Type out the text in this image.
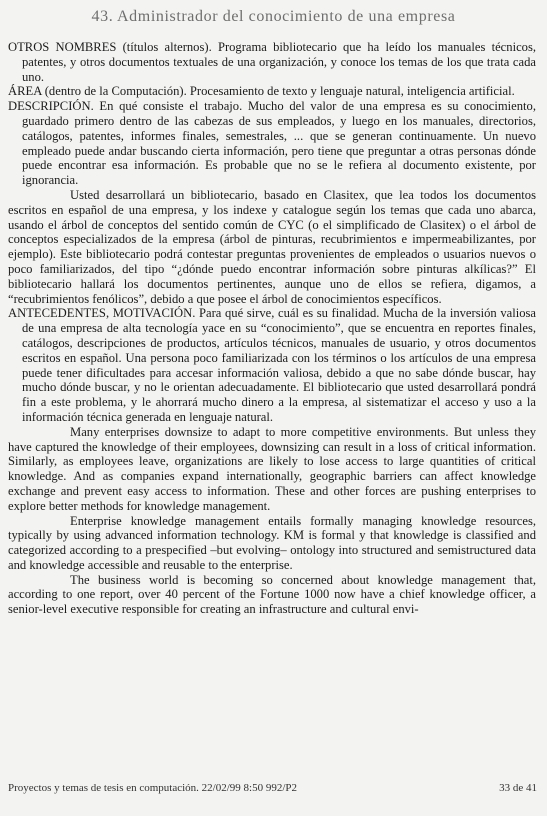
43. Administrador del conocimiento de una empresa

OTROS NOMBRES (títulos alternos). Programa bibliotecario que ha leído los manuales técnicos, patentes, y otros documentos textuales de una organización, y conoce los temas de los que trata cada uno.

ÁREA (dentro de la Computación). Procesamiento de texto y lenguaje natural, inteligencia artificial.

DESCRIPCIÓN. En qué consiste el trabajo. Mucho del valor de una empresa es su conocimiento, guardado primero dentro de las cabezas de sus empleados, y luego en los manuales, directorios, catálogos, patentes, informes finales, semestrales, ... que se generan continuamente. Un nuevo empleado puede andar buscando cierta información, pero tiene que preguntar a otras personas dónde puede encontrar esa información. Es probable que no se le refiera al documento existente, por ignorancia.

Usted desarrollará un bibliotecario, basado en Clasitex, que lea todos los documentos escritos en español de una empresa, y los indexe y catalogue según los temas que cada uno abarca, usando el árbol de conceptos del sentido común de CYC (o el simplificado de Clasitex) o el árbol de conceptos especializados de la empresa (árbol de pinturas, recubrimientos e impermeabilizantes, por ejemplo). Este bibliotecario podrá contestar preguntas provenientes de empleados o usuarios nuevos o poco familiarizados, del tipo “¿dónde puedo encontrar información sobre pinturas alkílicas?” El bibliotecario hallará los documentos pertinentes, aunque uno de ellos se refiera, digamos, a “recubrimientos fenólicos”, debido a que posee el árbol de conocimientos específicos.

ANTECEDENTES, MOTIVACIÓN. Para qué sirve, cuál es su finalidad. Mucha de la inversión valiosa de una empresa de alta tecnología yace en su “conocimiento”, que se encuentra en reportes finales, catálogos, descripciones de productos, artículos técnicos, manuales de usuario, y otros documentos escritos en español. Una persona poco familiarizada con los términos o los artículos de una empresa puede tener dificultades para accesar información valiosa, debido a que no sabe dónde buscar, hay mucho dónde buscar, y no le orientan adecuadamente. El bibliotecario que usted desarrollará pondrá fin a este problema, y le ahorrará mucho dinero a la empresa, al sistematizar el acceso y uso a la información técnica generada en lenguaje natural.

Many enterprises downsize to adapt to more competitive environments. But unless they have captured the knowledge of their employees, downsizing can result in a loss of critical information. Similarly, as employees leave, organizations are likely to lose access to large quantities of critical knowledge. And as companies expand internationally, geographic barriers can affect knowledge exchange and prevent easy access to information. These and other forces are pushing enterprises to explore better methods for knowledge management.

Enterprise knowledge management entails formally managing knowledge resources, typically by using advanced information technology. KM is formal y that knowledge is classified and categorized according to a prespecified –but evolving– ontology into structured and semistructured data and knowledge accessible and reusable to the enterprise.

The business world is becoming so concerned about knowledge management that, according to one report, over 40 percent of the Fortune 1000 now have a chief knowledge officer, a senior-level executive responsible for creating an infrastructure and cultural envi-

Proyectos y temas de tesis en computación. 22/02/99 8:50 992/P2	33 de 41
